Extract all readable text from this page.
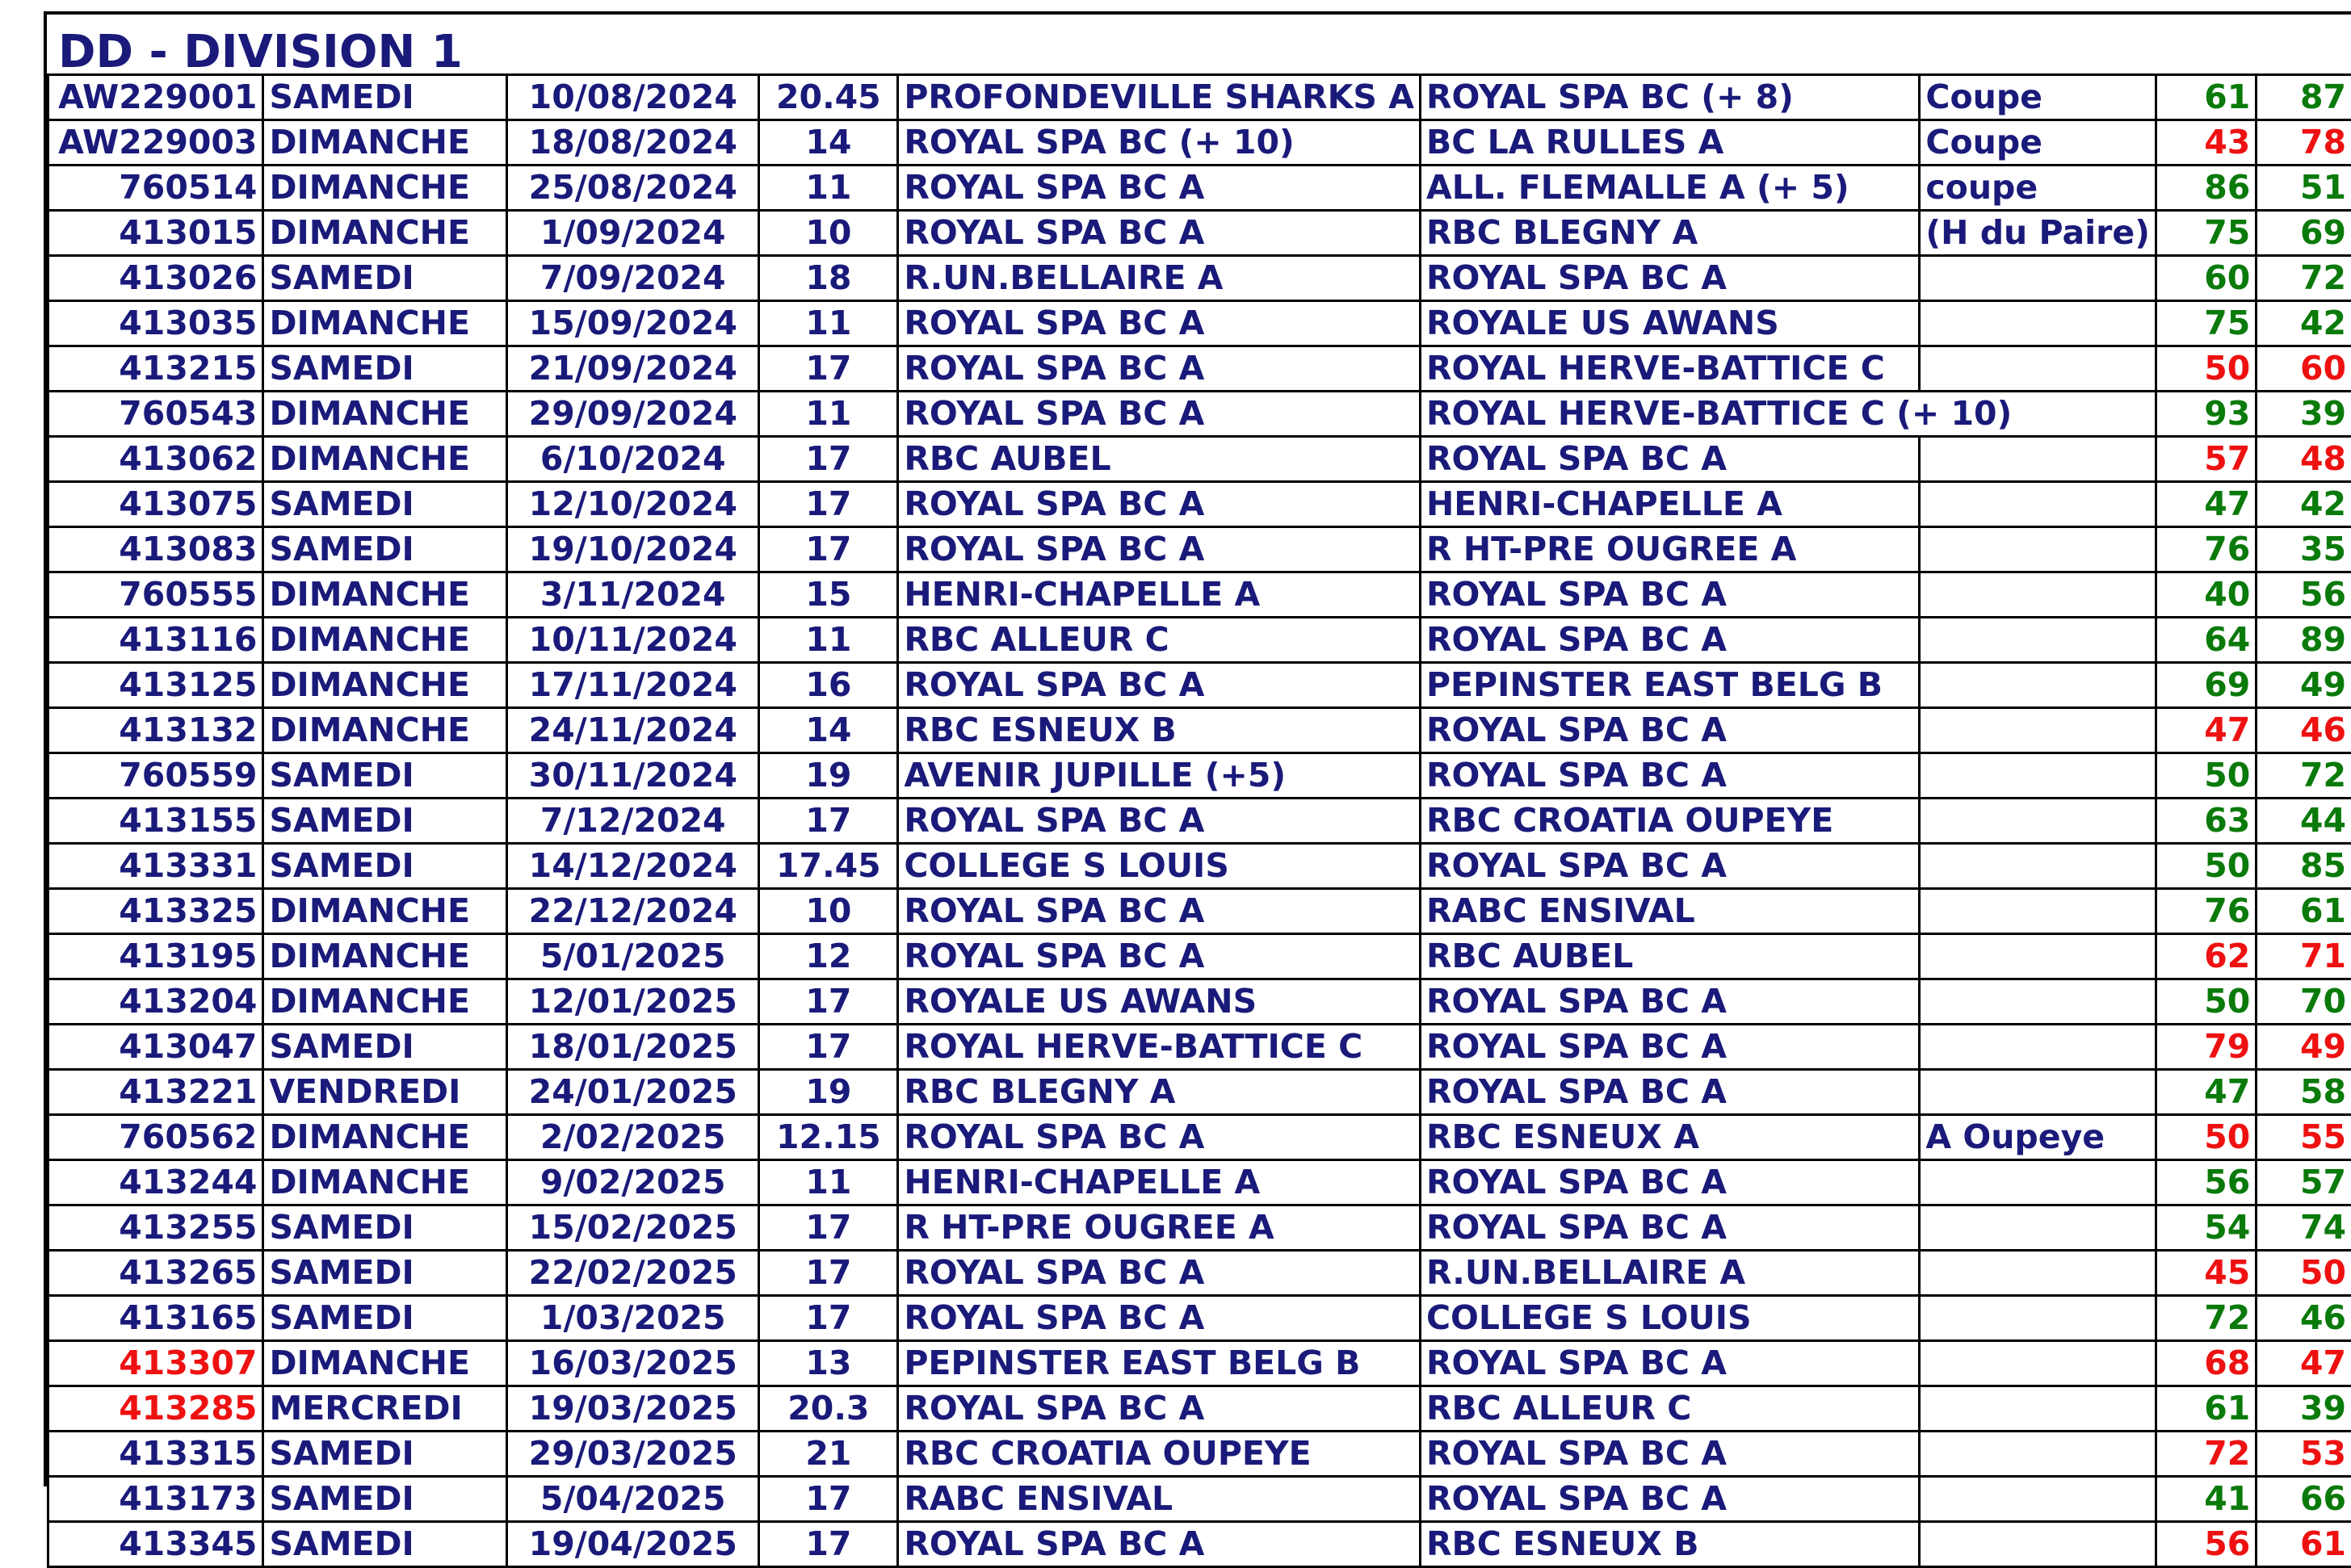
DD - DIVISION 1
AW229001	SAMEDI	10/08/2024	20.45	PROFONDEVILLE SHARKS A	ROYAL SPA BC (+ 8)	Coupe	61	87
AW229003	DIMANCHE	18/08/2024	14	ROYAL SPA BC (+ 10)	BC LA RULLES A	Coupe	43	78
760514	DIMANCHE	25/08/2024	11	ROYAL SPA BC A	ALL. FLEMALLE A (+ 5)	coupe	86	51
413015	DIMANCHE	1/09/2024	10	ROYAL SPA BC A	RBC BLEGNY A	(H du Paire)	75	69
413026	SAMEDI	7/09/2024	18	R.UN.BELLAIRE A	ROYAL SPA BC A		60	72
413035	DIMANCHE	15/09/2024	11	ROYAL SPA BC A	ROYALE US AWANS		75	42
413215	SAMEDI	21/09/2024	17	ROYAL SPA BC A	ROYAL HERVE-BATTICE C		50	60
760543	DIMANCHE	29/09/2024	11	ROYAL SPA BC A	ROYAL HERVE-BATTICE C (+ 10)		93	39
413062	DIMANCHE	6/10/2024	17	RBC AUBEL	ROYAL SPA BC A		57	48
413075	SAMEDI	12/10/2024	17	ROYAL SPA BC A	HENRI-CHAPELLE A		47	42
413083	SAMEDI	19/10/2024	17	ROYAL SPA BC A	R HT-PRE OUGREE A		76	35
760555	DIMANCHE	3/11/2024	15	HENRI-CHAPELLE A	ROYAL SPA BC A		40	56
413116	DIMANCHE	10/11/2024	11	RBC ALLEUR C	ROYAL SPA BC A		64	89
413125	DIMANCHE	17/11/2024	16	ROYAL SPA BC A	PEPINSTER EAST BELG B		69	49
413132	DIMANCHE	24/11/2024	14	RBC ESNEUX B	ROYAL SPA BC A		47	46
760559	SAMEDI	30/11/2024	19	AVENIR JUPILLE (+5)	ROYAL SPA BC A		50	72
413155	SAMEDI	7/12/2024	17	ROYAL SPA BC A	RBC CROATIA OUPEYE		63	44
413331	SAMEDI	14/12/2024	17.45	COLLEGE S LOUIS	ROYAL SPA BC A		50	85
413325	DIMANCHE	22/12/2024	10	ROYAL SPA BC A	RABC ENSIVAL		76	61
413195	DIMANCHE	5/01/2025	12	ROYAL SPA BC A	RBC AUBEL		62	71
413204	DIMANCHE	12/01/2025	17	ROYALE US AWANS	ROYAL SPA BC A		50	70
413047	SAMEDI	18/01/2025	17	ROYAL HERVE-BATTICE C	ROYAL SPA BC A		79	49
413221	VENDREDI	24/01/2025	19	RBC BLEGNY A	ROYAL SPA BC A		47	58
760562	DIMANCHE	2/02/2025	12.15	ROYAL SPA BC A	RBC ESNEUX A	A Oupeye	50	55
413244	DIMANCHE	9/02/2025	11	HENRI-CHAPELLE A	ROYAL SPA BC A		56	57
413255	SAMEDI	15/02/2025	17	R HT-PRE OUGREE A	ROYAL SPA BC A		54	74
413265	SAMEDI	22/02/2025	17	ROYAL SPA BC A	R.UN.BELLAIRE A		45	50
413165	SAMEDI	1/03/2025	17	ROYAL SPA BC A	COLLEGE S LOUIS		72	46
413307	DIMANCHE	16/03/2025	13	PEPINSTER EAST BELG B	ROYAL SPA BC A		68	47
413285	MERCREDI	19/03/2025	20.3	ROYAL SPA BC A	RBC ALLEUR C		61	39
413315	SAMEDI	29/03/2025	21	RBC CROATIA OUPEYE	ROYAL SPA BC A		72	53
413173	SAMEDI	5/04/2025	17	RABC ENSIVAL	ROYAL SPA BC A		41	66
413345	SAMEDI	19/04/2025	17	ROYAL SPA BC A	RBC ESNEUX B		56	61
